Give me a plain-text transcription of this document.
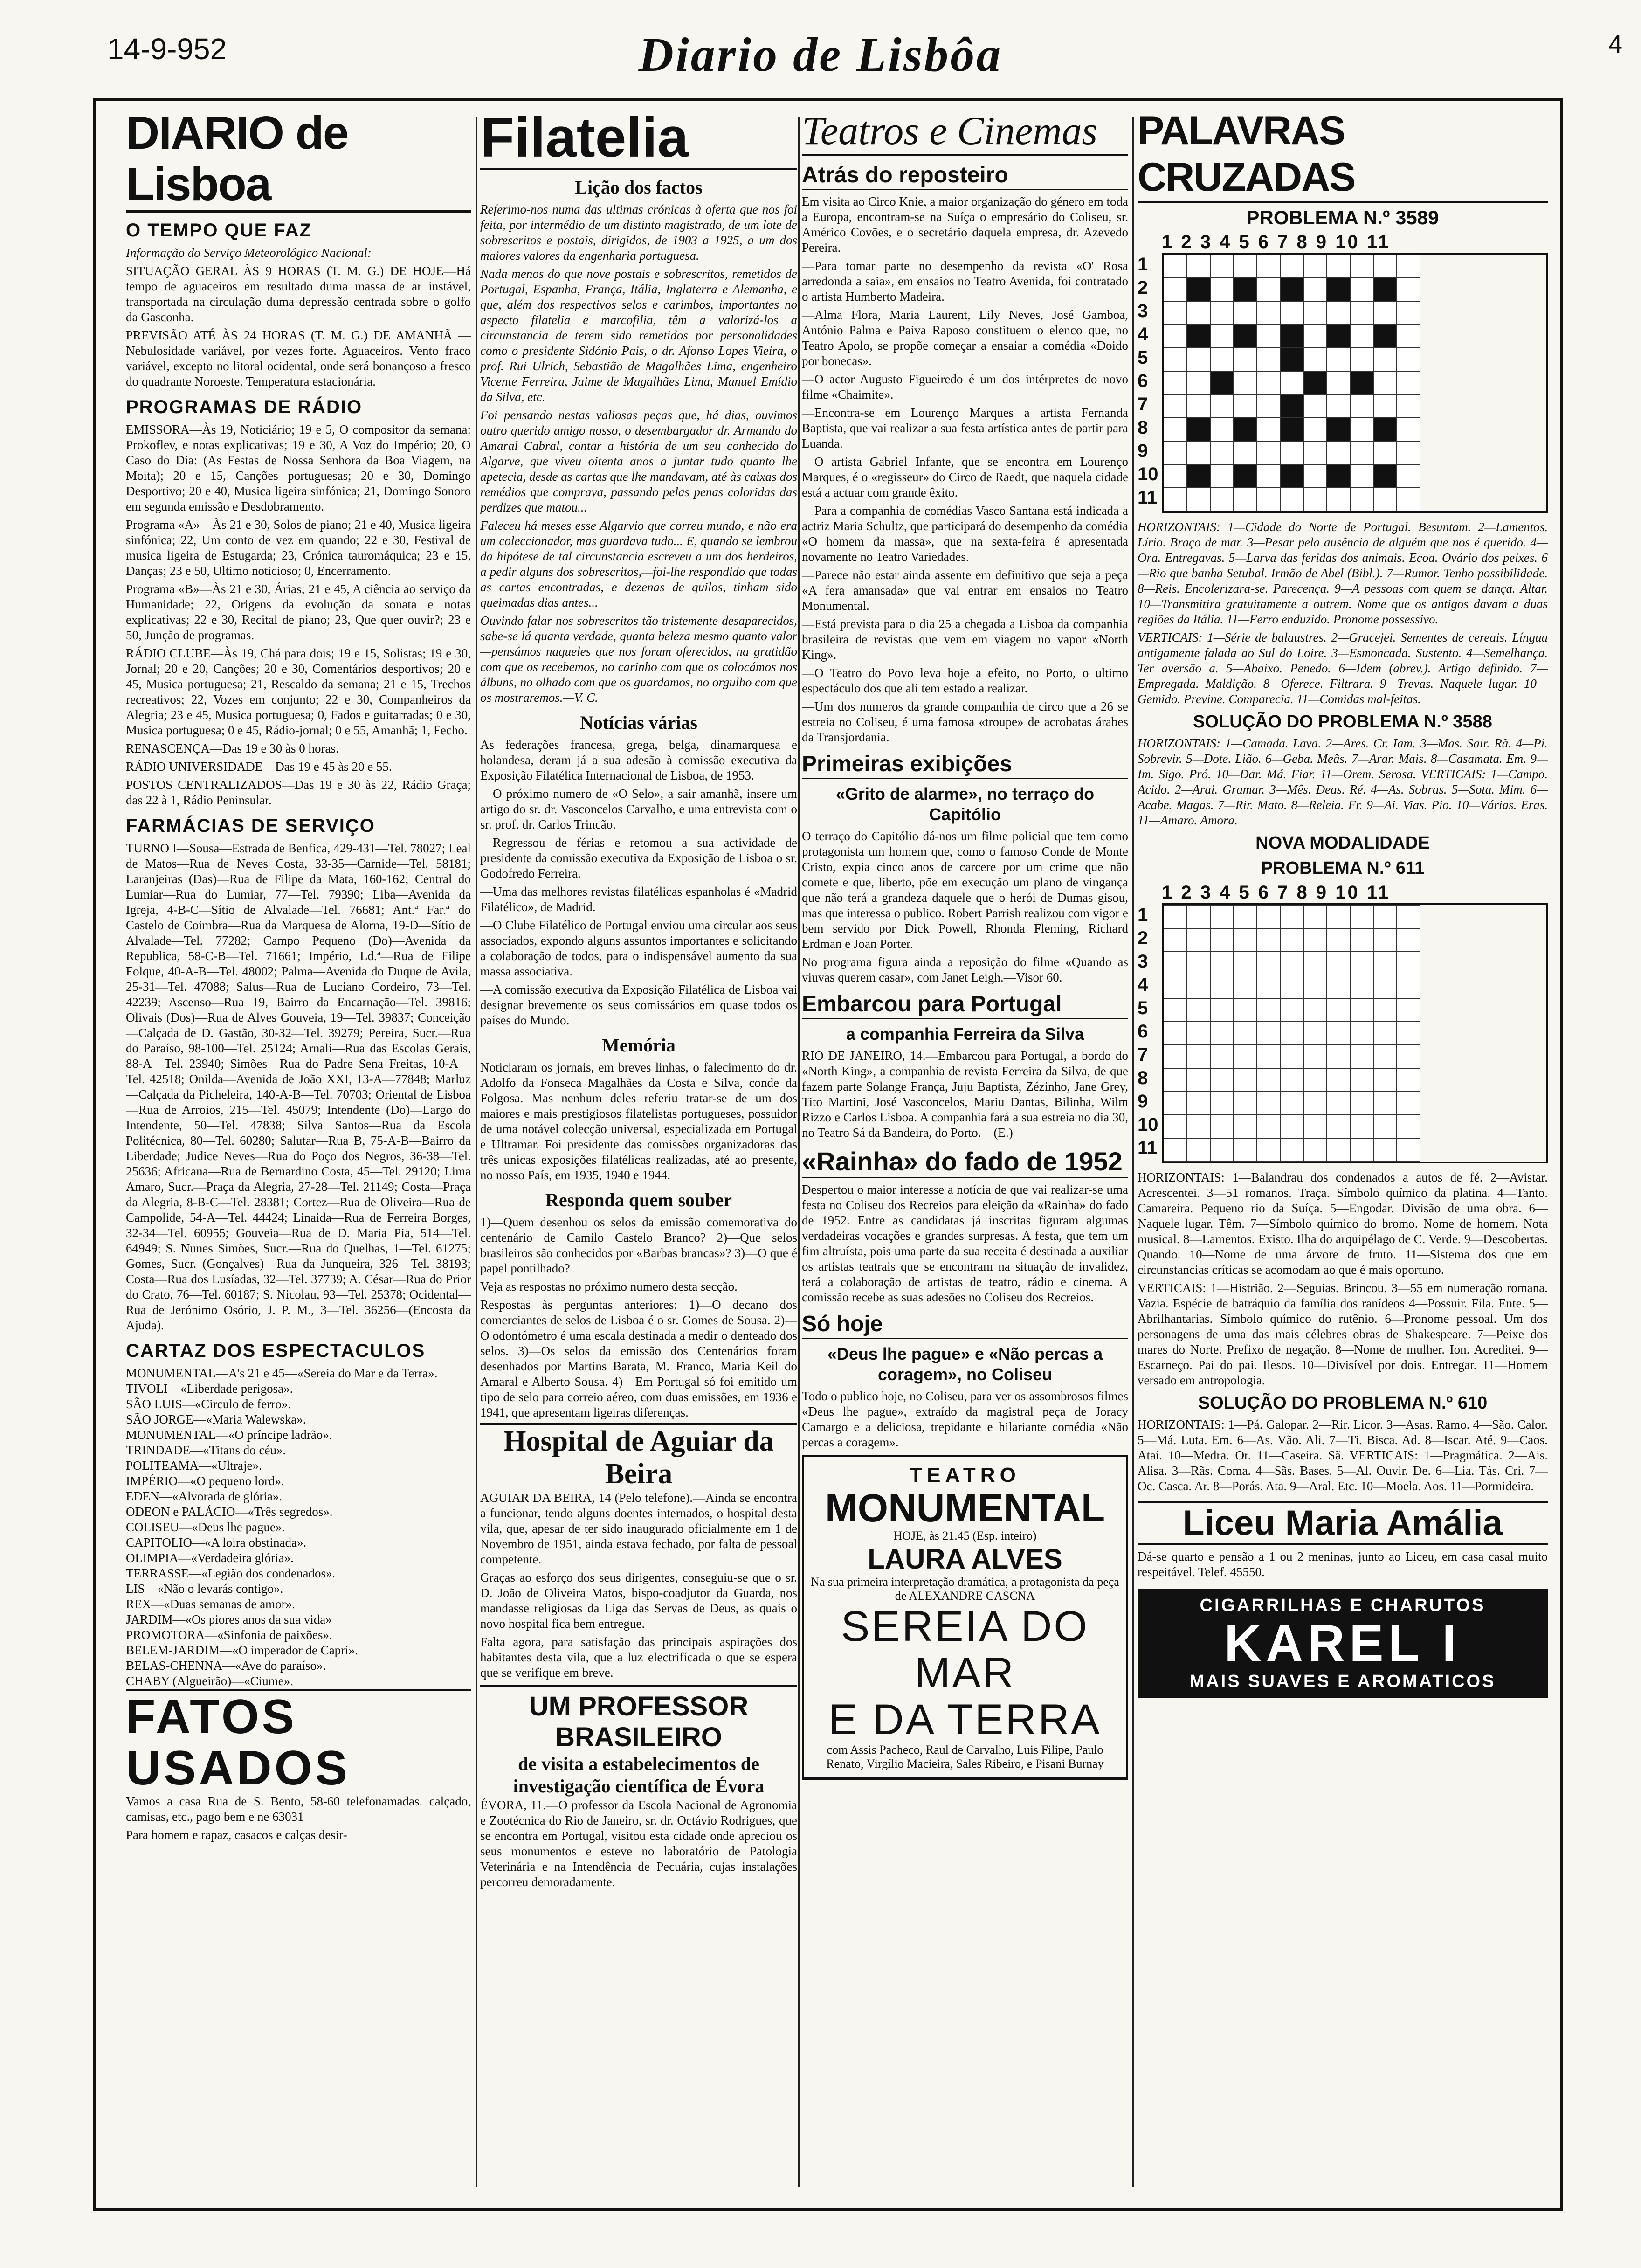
14-9-952	Diario de Lisbôa	4
DIARIO de Lisboa
O TEMPO QUE FAZ

Informação do Serviço Meteorológico Nacional:

SITUAÇÃO GERAL ÀS 9 HORAS (T. M. G.) DE HOJE—Há tempo de aguaceiros em resultado duma massa de ar instável, transportada na circulação duma depressão centrada sobre o golfo da Gasconha.

PREVISÃO ATÉ ÀS 24 HORAS (T. M. G.) DE AMANHÃ — Nebulosidade variável, por vezes forte. Aguaceiros. Vento fraco variável, excepto no litoral ocidental, onde será bonançoso a fresco do quadrante Noroeste. Temperatura estacionária.

PROGRAMAS DE RÁDIO

EMISSORA—Às 19, Noticiário; 19 e 5, O compositor da semana: Prokoflev, e notas explicativas; 19 e 30, A Voz do Império; 20, O Caso do Dia: (As Festas de Nossa Senhora da Boa Viagem, na Moita); 20 e 15, Canções portuguesas; 20 e 30, Domingo Desportivo; 20 e 40, Musica ligeira sinfónica; 21, Domingo Sonoro em segunda emissão e Desdobramento.

Programa «A»—Às 21 e 30, Solos de piano; 21 e 40, Musica ligeira sinfónica; 22, Um conto de vez em quando; 22 e 30, Festival de musica ligeira de Estugarda; 23, Crónica tauromáquica; 23 e 15, Danças; 23 e 50, Ultimo noticioso; 0, Encerramento.

Programa «B»—Às 21 e 30, Árias; 21 e 45, A ciência ao serviço da Humanidade; 22, Origens da evolução da sonata e notas explicativas; 22 e 30, Recital de piano; 23, Que quer ouvir?; 23 e 50, Junção de programas.

RÁDIO CLUBE—Às 19, Chá para dois; 19 e 15, Solistas; 19 e 30, Jornal; 20 e 20, Canções; 20 e 30, Comentários desportivos; 20 e 45, Musica portuguesa; 21, Rescaldo da semana; 21 e 15, Trechos recreativos; 22, Vozes em conjunto; 22 e 30, Companheiros da Alegria; 23 e 45, Musica portuguesa; 0, Fados e guitarradas; 0 e 30, Musica portuguesa; 0 e 45, Rádio-jornal; 0 e 55, Amanhã; 1, Fecho.

RENASCENÇA—Das 19 e 30 às 0 horas.

RÁDIO UNIVERSIDADE—Das 19 e 45 às 20 e 55.

POSTOS CENTRALIZADOS—Das 19 e 30 às 22, Rádio Graça; das 22 à 1, Rádio Peninsular.

FARMÁCIAS DE SERVIÇO

TURNO I—Sousa—Estrada de Benfica, 429-431—Tel. 78027; Leal de Matos—Rua de Neves Costa, 33-35—Carnide—Tel. 58181; Laranjeiras (Das)—Rua de Filipe da Mata, 160-162; Central do Lumiar—Rua do Lumiar, 77—Tel. 79390; Liba—Avenida da Igreja, 4-B-C—Sítio de Alvalade—Tel. 76681; Ant.ª Far.ª do Castelo de Coimbra—Rua da Marquesa de Alorna, 19-D—Sítio de Alvalade—Tel. 77282; Campo Pequeno (Do)—Avenida da Republica, 58-C-B—Tel. 71661; Império, Ld.ª—Rua de Filipe Folque, 40-A-B—Tel. 48002; Palma—Avenida do Duque de Avila, 25-31—Tel. 47088; Salus—Rua de Luciano Cordeiro, 73—Tel. 42239; Ascenso—Rua 19, Bairro da Encarnação—Tel. 39816; Olivais (Dos)—Rua de Alves Gouveia, 19—Tel. 39837; Conceição—Calçada de D. Gastão, 30-32—Tel. 39279; Pereira, Sucr.—Rua do Paraíso, 98-100—Tel. 25124; Arnali—Rua das Escolas Gerais, 88-A—Tel. 23940; Simões—Rua do Padre Sena Freitas, 10-A—Tel. 42518; Onilda—Avenida de João XXI, 13-A—77848; Marluz—Calçada da Picheleira, 140-A-B—Tel. 70703; Oriental de Lisboa—Rua de Arroios, 215—Tel. 45079; Intendente (Do)—Largo do Intendente, 50—Tel. 47838; Silva Santos—Rua da Escola Politécnica, 80—Tel. 60280; Salutar—Rua B, 75-A-B—Bairro da Liberdade; Judice Neves—Rua do Poço dos Negros, 36-38—Tel. 25636; Africana—Rua de Bernardino Costa, 45—Tel. 29120; Lima Amaro, Sucr.—Praça da Alegria, 27-28—Tel. 21149; Costa—Praça da Alegria, 8-B-C—Tel. 28381; Cortez—Rua de Oliveira—Rua de Campolide, 54-A—Tel. 44424; Linaida—Rua de Ferreira Borges, 32-34—Tel. 60955; Gouveia—Rua de D. Maria Pia, 514—Tel. 64949; S. Nunes Simões, Sucr.—Rua do Quelhas, 1—Tel. 61275; Gomes, Sucr. (Gonçalves)—Rua da Junqueira, 326—Tel. 38193; Costa—Rua dos Lusíadas, 32—Tel. 37739; A. César—Rua do Prior do Crato, 76—Tel. 60187; S. Nicolau, 93—Tel. 25378; Ocidental—Rua de Jerónimo Osório, J. P. M., 3—Tel. 36256—(Encosta da Ajuda).

CARTAZ DOS ESPECTACULOS

MONUMENTAL—A's 21 e 45—«Sereia do Mar e da Terra».

TIVOLI—«Liberdade perigosa».

SÃO LUIS—«Circulo de ferro».

SÃO JORGE—«Maria Walewska».

MONUMENTAL—«O príncipe ladrão».

TRINDADE—«Titans do céu».

POLITEAMA—«Ultraje».

IMPÉRIO—«O pequeno lord».

EDEN—«Alvorada de glória».

ODEON e PALÁCIO—«Três segredos».

COLISEU—«Deus lhe pague».

CAPITOLIO—«A loira obstinada».

OLIMPIA—«Verdadeira glória».

TERRASSE—«Legião dos condenados».

LIS—«Não o levarás contigo».

REX—«Duas semanas de amor».

JARDIM—«Os piores anos da sua vida»

PROMOTORA—«Sinfonia de paixões».

BELEM-JARDIM—«O imperador de Capri».

BELAS-CHENNA—«Ave do paraíso».

CHABY (Algueirão)—«Ciume».

FATOS USADOS

Vamos a casa Rua de S. Bento, 58-60 telefonamadas. calçado, camisas, etc., pago bem e ne 63031

Para homem e rapaz, casacos e calças desir-

Filatelia
Lição dos factos

Referimo-nos numa das ultimas crónicas à oferta que nos foi feita, por intermédio de um distinto magistrado, de um lote de sobrescritos e postais, dirigidos, de 1903 a 1925, a um dos maiores valores da engenharia portuguesa.

Nada menos do que nove postais e sobrescritos, remetidos de Portugal, Espanha, França, Itália, Inglaterra e Alemanha, e que, além dos respectivos selos e carimbos, importantes no aspecto filatelia e marcofilia, têm a valorizá-los a circunstancia de terem sido remetidos por personalidades como o presidente Sidónio Pais, o dr. Afonso Lopes Vieira, o prof. Rui Ulrich, Sebastião de Magalhães Lima, engenheiro Vicente Ferreira, Jaime de Magalhães Lima, Manuel Emídio da Silva, etc.

Foi pensando nestas valiosas peças que, há dias, ouvimos outro querido amigo nosso, o desembargador dr. Armando do Amaral Cabral, contar a história de um seu conhecido do Algarve, que viveu oitenta anos a juntar tudo quanto lhe apetecia, desde as cartas que lhe mandavam, até às caixas dos remédios que comprava, passando pelas penas coloridas das perdizes que matou...

Faleceu há meses esse Algarvio que correu mundo, e não era um coleccionador, mas guardava tudo... E, quando se lembrou da hipótese de tal circunstancia escreveu a um dos herdeiros, a pedir alguns dos sobrescritos,—foi-lhe respondido que todas as cartas encontradas, e dezenas de quilos, tinham sido queimadas dias antes...

Ouvindo falar nos sobrescritos tão tristemente desaparecidos, sabe-se lá quanta verdade, quanta beleza mesmo quanto valor—pensámos naqueles que nos foram oferecidos, na gratidão com que os recebemos, no carinho com que os colocámos nos álbuns, no olhado com que os guardamos, no orgulho com que os mostraremos.—V. C.

Notícias várias

As federações francesa, grega, belga, dinamarquesa e holandesa, deram já a sua adesão à comissão executiva da Exposição Filatélica Internacional de Lisboa, de 1953.

—O próximo numero de «O Selo», a sair amanhã, insere um artigo do sr. dr. Vasconcelos Carvalho, e uma entrevista com o sr. prof. dr. Carlos Trincão.

—Regressou de férias e retomou a sua actividade de presidente da comissão executiva da Exposição de Lisboa o sr. Godofredo Ferreira.

—Uma das melhores revistas filatélicas espanholas é «Madrid Filatélico», de Madrid.

—O Clube Filatélico de Portugal enviou uma circular aos seus associados, expondo alguns assuntos importantes e solicitando a colaboração de todos, para o indispensável aumento da sua massa associativa.

—A comissão executiva da Exposição Filatélica de Lisboa vai designar brevemente os seus comissários em quase todos os países do Mundo.

Memória

Noticiaram os jornais, em breves linhas, o falecimento do dr. Adolfo da Fonseca Magalhães da Costa e Silva, conde da Folgosa. Mas nenhum deles referiu tratar-se de um dos maiores e mais prestigiosos filatelistas portugueses, possuidor de uma notável colecção universal, especializada em Portugal e Ultramar. Foi presidente das comissões organizadoras das três unicas exposições filatélicas realizadas, até ao presente, no nosso País, em 1935, 1940 e 1944.

Responda quem souber

1)—Quem desenhou os selos da emissão comemorativa do centenário de Camilo Castelo Branco? 2)—Que selos brasileiros são conhecidos por «Barbas brancas»? 3)—O que é papel pontilhado?

Veja as respostas no próximo numero desta secção.

Respostas às perguntas anteriores: 1)—O decano dos comerciantes de selos de Lisboa é o sr. Gomes de Sousa. 2)—O odontómetro é uma escala destinada a medir o denteado dos selos. 3)—Os selos da emissão dos Centenários foram desenhados por Martins Barata, M. Franco, Maria Keil do Amaral e Alberto Sousa. 4)—Em Portugal só foi emitido um tipo de selo para correio aéreo, com duas emissões, em 1936 e 1941, que apresentam ligeiras diferenças.

Hospital de Aguiar da Beira

AGUIAR DA BEIRA, 14 (Pelo telefone).—Ainda se encontra a funcionar, tendo alguns doentes internados, o hospital desta vila, que, apesar de ter sido inaugurado oficialmente em 1 de Novembro de 1951, ainda estava fechado, por falta de pessoal competente.

Graças ao esforço dos seus dirigentes, conseguiu-se que o sr. D. João de Oliveira Matos, bispo-coadjutor da Guarda, nos mandasse religiosas da Liga das Servas de Deus, as quais o novo hospital fica bem entregue.

Falta agora, para satisfação das principais aspirações dos habitantes desta vila, que a luz electrifícada o que se espera que se verifique em breve.

UM PROFESSOR BRASILEIRO
de visita a estabelecimentos de investigação científica de Évora

ÉVORA, 11.—O professor da Escola Nacional de Agronomia e Zootécnica do Rio de Janeiro, sr. dr. Octávio Rodrigues, que se encontra em Portugal, visitou esta cidade onde apreciou os seus monumentos e esteve no laboratório de Patologia Veterinária e na Intendência de Pecuária, cujas instalações percorreu demoradamente.

Teatros e Cinemas
Atrás do reposteiro

Em visita ao Circo Knie, a maior organização do género em toda a Europa, encontram-se na Suíça o empresário do Coliseu, sr. Américo Covões, e o secretário daquela empresa, dr. Azevedo Pereira.

—Para tomar parte no desempenho da revista «O' Rosa arredonda a saia», em ensaios no Teatro Avenida, foi contratado o artista Humberto Madeira.

—Alma Flora, Maria Laurent, Lily Neves, José Gamboa, António Palma e Paiva Raposo constituem o elenco que, no Teatro Apolo, se propõe começar a ensaiar a comédia «Doido por bonecas».

—O actor Augusto Figueiredo é um dos intérpretes do novo filme «Chaimite».

—Encontra-se em Lourenço Marques a artista Fernanda Baptista, que vai realizar a sua festa artística antes de partir para Luanda.

—O artista Gabriel Infante, que se encontra em Lourenço Marques, é o «regisseur» do Circo de Raedt, que naquela cidade está a actuar com grande êxito.

—Para a companhia de comédias Vasco Santana está indicada a actriz Maria Schultz, que participará do desempenho da comédia «O homem da massa», que na sexta-feira é apresentada novamente no Teatro Variedades.

—Parece não estar ainda assente em definitivo que seja a peça «A fera amansada» que vai entrar em ensaios no Teatro Monumental.

—Está prevista para o dia 25 a chegada a Lisboa da companhia brasileira de revistas que vem em viagem no vapor «North King».

—O Teatro do Povo leva hoje a efeito, no Porto, o ultimo espectáculo dos que ali tem estado a realizar.

—Um dos numeros da grande companhia de circo que a 26 se estreia no Coliseu, é uma famosa «troupe» de acrobatas árabes da Transjordania.

Primeiras exibições
«Grito de alarme», no terraço do Capitólio

O terraço do Capitólio dá-nos um filme policial que tem como protagonista um homem que, como o famoso Conde de Monte Cristo, expia cinco anos de carcere por um crime que não comete e que, liberto, põe em execução um plano de vingança que não terá a grandeza daquele que o herói de Dumas gisou, mas que interessa o publico. Robert Parrish realizou com vigor e bem servido por Dick Powell, Rhonda Fleming, Richard Erdman e Joan Porter.

No programa figura ainda a reposição do filme «Quando as viuvas querem casar», com Janet Leigh.—Visor 60.

Embarcou para Portugal
a companhia Ferreira da Silva

RIO DE JANEIRO, 14.—Embarcou para Portugal, a bordo do «North King», a companhia de revista Ferreira da Silva, de que fazem parte Solange França, Juju Baptista, Zézinho, Jane Grey, Tito Martini, José Vasconcelos, Mariu Dantas, Bilinha, Wilm Rizzo e Carlos Lisboa. A companhia fará a sua estreia no dia 30, no Teatro Sá da Bandeira, do Porto.—(E.)

«Rainha» do fado de 1952

Despertou o maior interesse a notícia de que vai realizar-se uma festa no Coliseu dos Recreios para eleição da «Rainha» do fado de 1952. Entre as candidatas já inscritas figuram algumas verdadeiras vocações e grandes surpresas. A festa, que tem um fim altruísta, pois uma parte da sua receita é destinada a auxiliar os artistas teatrais que se encontram na situação de invalidez, terá a colaboração de artistas de teatro, rádio e cinema. A comissão recebe as suas adesões no Coliseu dos Recreios.

Só hoje
«Deus lhe pague» e «Não percas a coragem», no Coliseu

Todo o publico hoje, no Coliseu, para ver os assombrosos filmes «Deus lhe pague», extraído da magistral peça de Joracy Camargo e a deliciosa, trepidante e hilariante comédia «Não percas a coragem».

TEATRO
MONUMENTAL
HOJE, às 21.45 (Esp. inteiro)
LAURA ALVES
Na sua primeira interpretação dramática, a protagonista da peça de ALEXANDRE CASCNA
SEREIA DO MAR
E DA TERRA
com Assis Pacheco, Raul de Carvalho, Luis Filipe, Paulo Renato, Virgílio Macieira, Sales Ribeiro, e Pisani Burnay
PALAVRAS CRUZADAS
PROBLEMA N.º 3589
1 2 3 4 5 6 7 8 9 10 11
1
2
3
4
5
6
7
8
9
10
11

HORIZONTAIS: 1—Cidade do Norte de Portugal. Besuntam. 2—Lamentos. Lírio. Braço de mar. 3—Pesar pela ausência de alguém que nos é querido. 4—Ora. Entregavas. 5—Larva das feridas dos animais. Ecoa. Ovário dos peixes. 6—Rio que banha Setubal. Irmão de Abel (Bibl.). 7—Rumor. Tenho possibilidade. 8—Reis. Encolerizara-se. Parecença. 9—A pessoas com quem se dança. Altar. 10—Transmitira gratuitamente a outrem. Nome que os antigos davam a duas regiões da Itália. 11—Ferro enduzido. Pronome possessivo.

VERTICAIS: 1—Série de balaustres. 2—Gracejei. Sementes de cereais. Língua antigamente falada ao Sul do Loire. 3—Esmoncada. Sustento. 4—Semelhança. Ter aversão a. 5—Abaixo. Penedo. 6—Idem (abrev.). Artigo definido. 7—Empregada. Maldição. 8—Oferece. Filtrara. 9—Trevas. Naquele lugar. 10—Gemido. Previne. Comparecia. 11—Comidas mal-feitas.

SOLUÇÃO DO PROBLEMA N.º 3588

HORIZONTAIS: 1—Camada. Lava. 2—Ares. Cr. Iam. 3—Mas. Sair. Rã. 4—Pi. Sobrevir. 5—Dote. Lião. 6—Geba. Meãs. 7—Arar. Mais. 8—Casamata. Em. 9—Im. Sigo. Pró. 10—Dar. Má. Fiar. 11—Orem. Serosa. VERTICAIS: 1—Campo. Acido. 2—Arai. Gramar. 3—Mês. Deas. Ré. 4—As. Sobras. 5—Sota. Mim. 6—Acabe. Magas. 7—Rir. Mato. 8—Releia. Fr. 9—Ai. Vias. Pio. 10—Várias. Eras. 11—Amaro. Amora.

NOVA MODALIDADE
PROBLEMA N.º 611
1 2 3 4 5 6 7 8 9 10 11
1
2
3
4
5
6
7
8
9
10
11

HORIZONTAIS: 1—Balandrau dos condenados a autos de fé. 2—Avistar. Acrescentei. 3—51 romanos. Traça. Símbolo químico da platina. 4—Tanto. Camareira. Pequeno rio da Suíça. 5—Engodar. Divisão de uma obra. 6—Naquele lugar. Têm. 7—Símbolo químico do bromo. Nome de homem. Nota musical. 8—Lamentos. Existo. Ilha do arquipélago de C. Verde. 9—Descobertas. Quando. 10—Nome de uma árvore de fruto. 11—Sistema dos que em circunstancias críticas se acomodam ao que é mais oportuno.

VERTICAIS: 1—Histrião. 2—Seguias. Brincou. 3—55 em numeração romana. Vazia. Espécie de batráquio da família dos ranídeos 4—Possuir. Fila. Ente. 5—Abrilhantarias. Símbolo químico do rutênio. 6—Pronome pessoal. Um dos personagens de uma das mais célebres obras de Shakespeare. 7—Peixe dos mares do Norte. Prefixo de negação. 8—Nome de mulher. Ion. Acreditei. 9—Escarneço. Pai do pai. Ilesos. 10—Divisível por dois. Entregar. 11—Homem versado em antropologia.

SOLUÇÃO DO PROBLEMA N.º 610

HORIZONTAIS: 1—Pá. Galopar. 2—Rir. Licor. 3—Asas. Ramo. 4—São. Calor. 5—Má. Luta. Em. 6—As. Vão. Ali. 7—Ti. Bisca. Ad. 8—Iscar. Até. 9—Caos. Atai. 10—Medra. Or. 11—Caseira. Sã. VERTICAIS: 1—Pragmática. 2—Ais. Alisa. 3—Rãs. Coma. 4—Sãs. Bases. 5—Al. Ouvir. De. 6—Lia. Tás. Cri. 7—Oc. Casca. Ar. 8—Porás. Ata. 9—Aral. Etc. 10—Moela. Aos. 11—Pormideira.

Liceu Maria Amália

Dá-se quarto e pensão a 1 ou 2 meninas, junto ao Liceu, em casa casal muito respeitável. Telef. 45550.

CIGARRILHAS E CHARUTOS
KAREL I
MAIS SUAVES E AROMATICOS
